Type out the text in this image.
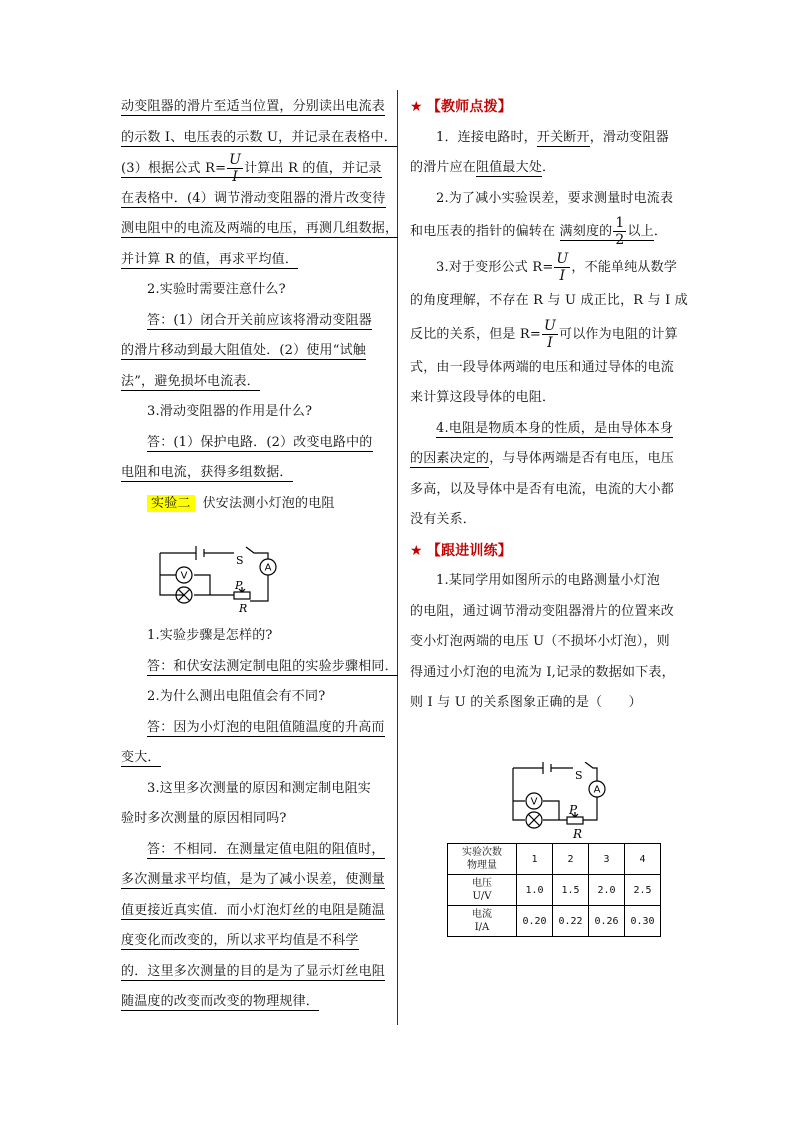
动变阻器的滑片至适当位置，分别读出电流表
的示数 I、电压表的示数 U，并记录在表格中．
(3）根据公式 $R= \frac{U}{I}$ 计算出 R 的值，并记录
在表格中．(4）调节滑动变阻器的滑片改变待
测电阻中的电流及两端的电压，再测几组数据，
并计算 R 的值，再求平均值．
2.实验时需要注意什么?
答：(1）闭合开关前应该将滑动变阻器
的滑片移动到最大阻值处．(2）使用“试触
法”，避免损坏电流表．
3.滑动变阻器的作用是什么?
答：(1）保护电路．(2）改变电路中的
电阻和电流，获得多组数据．
实验二 伏安法测小灯泡的电阻
V
A
S
P
R
1.实验步骤是怎样的?
答：和伏安法测定制电阻的实验步骤相同．
2.为什么测出电阻值会有不同?
答：因为小灯泡的电阻值随温度的升高而
变大．
3.这里多次测量的原因和测定制电阻实
验时多次测量的原因相同吗?
答：不相同．在测量定值电阻的阻值时，
多次测量求平均值，是为了减小误差，使测量
值更接近真实值．而小灯泡灯丝的电阻是随温
度变化而改变的，所以求平均值是不科学
的．这里多次测量的目的是为了显示灯丝电阻
随温度的改变而改变的物理规律．
★ 【教师点拨】
1．连接电路时，开关断开，滑动变阻器
的滑片应在阻值最大处．
2.为了减小实验误差，要求测量时电流表
和电压表的指针的偏转在 满刻度的 $\frac{1}{2}$ 以上．
3.对于变形公式 $R= \frac{U}{I}$ ，不能单纯从数学
的角度理解，不存在 R 与 U 成正比，R 与 I 成
反比的关系，但是 $R= \frac{U}{I}$ 可以作为电阻的计算
式，由一段导体两端的电压和通过导体的电流
来计算这段导体的电阻．
4.电阻是物质本身的性质，是由导体本身
的因素决定的，与导体两端是否有电压，电压
多高，以及导体中是否有电流，电流的大小都
没有关系．
★ 【跟进训练】
1.某同学用如图所示的电路测量小灯泡
的电阻，通过调节滑动变阻器滑片的位置来改
变小灯泡两端的电压 U（不损坏小灯泡），则
得通过小灯泡的电流为 I,记录的数据如下表，
则 I 与 U 的关系图象正确的是（　　）
V
A
S
P
R
实验次数
物理量	1	2	3	4
电压
U/V	1.0	1.5	2.0	2.5
电流
I/A	0.20	0.22	0.26	0.30
